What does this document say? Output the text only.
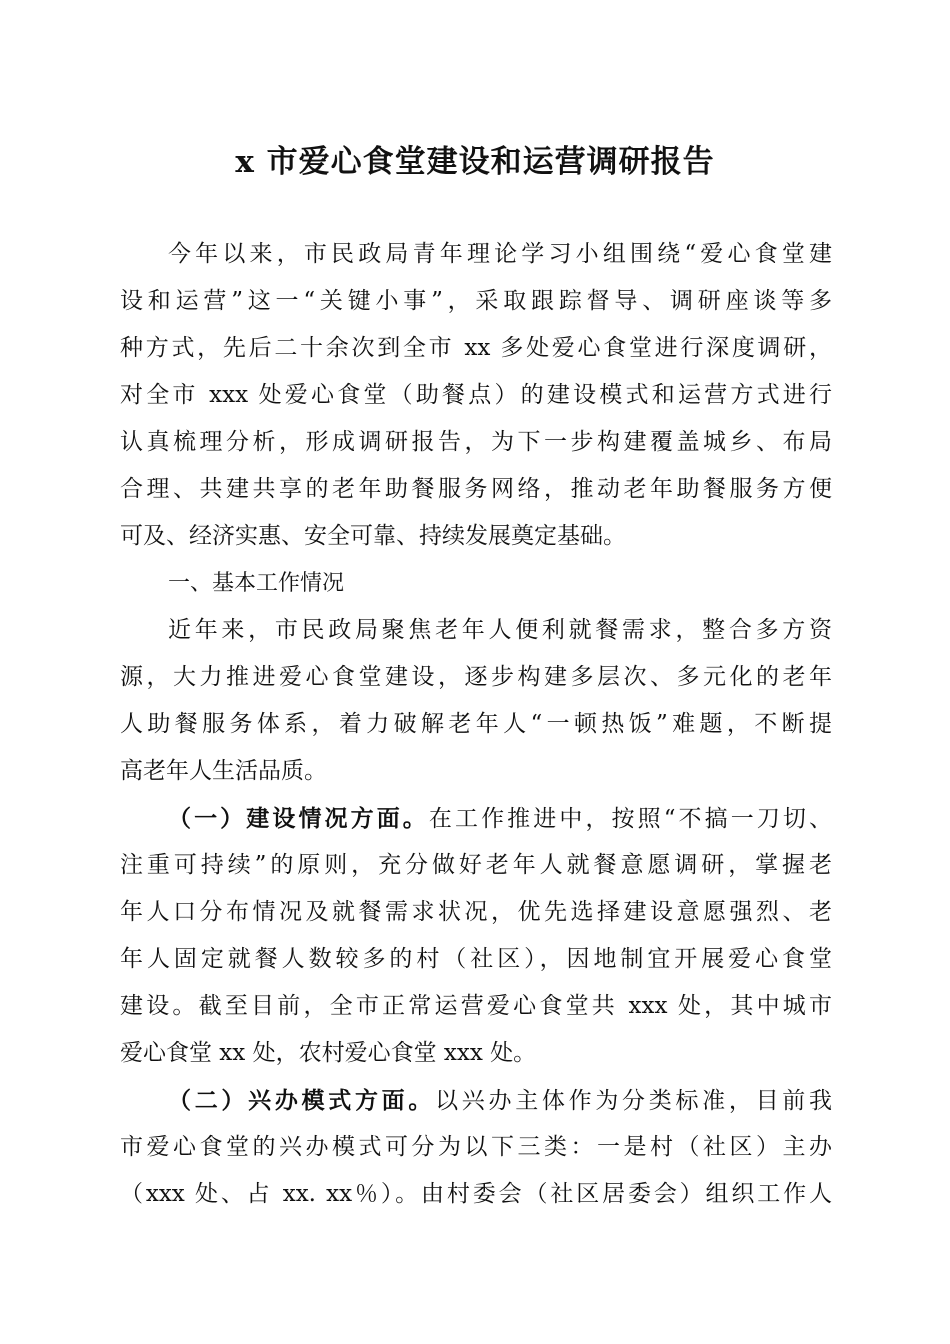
x 市爱心食堂建设和运营调研报告
今年以来，市民政局青年理论学习小组围绕“爱心食堂建
设和运营”这一“关键小事”，采取跟踪督导、调研座谈等多
种方式，先后二十余次到全市 xx 多处爱心食堂进行深度调研，
对全市 xxx 处爱心食堂（助餐点）的建设模式和运营方式进行
认真梳理分析，形成调研报告，为下一步构建覆盖城乡、布局
合理、共建共享的老年助餐服务网络，推动老年助餐服务方便
可及、经济实惠、安全可靠、持续发展奠定基础。
一、基本工作情况
近年来，市民政局聚焦老年人便利就餐需求，整合多方资
源，大力推进爱心食堂建设，逐步构建多层次、多元化的老年
人助餐服务体系，着力破解老年人“一顿热饭”难题，不断提
高老年人生活品质。
（一）建设情况方面。在工作推进中，按照“不搞一刀切、
注重可持续”的原则，充分做好老年人就餐意愿调研，掌握老
年人口分布情况及就餐需求状况，优先选择建设意愿强烈、老
年人固定就餐人数较多的村（社区），因地制宜开展爱心食堂
建设。截至目前，全市正常运营爱心食堂共 xxx 处，其中城市
爱心食堂 xx 处，农村爱心食堂 xxx 处。
（二）兴办模式方面。以兴办主体作为分类标准，目前我
市爱心食堂的兴办模式可分为以下三类：一是村（社区）主办
（xxx 处、占 xx. xx％）。由村委会（社区居委会）组织工作人
